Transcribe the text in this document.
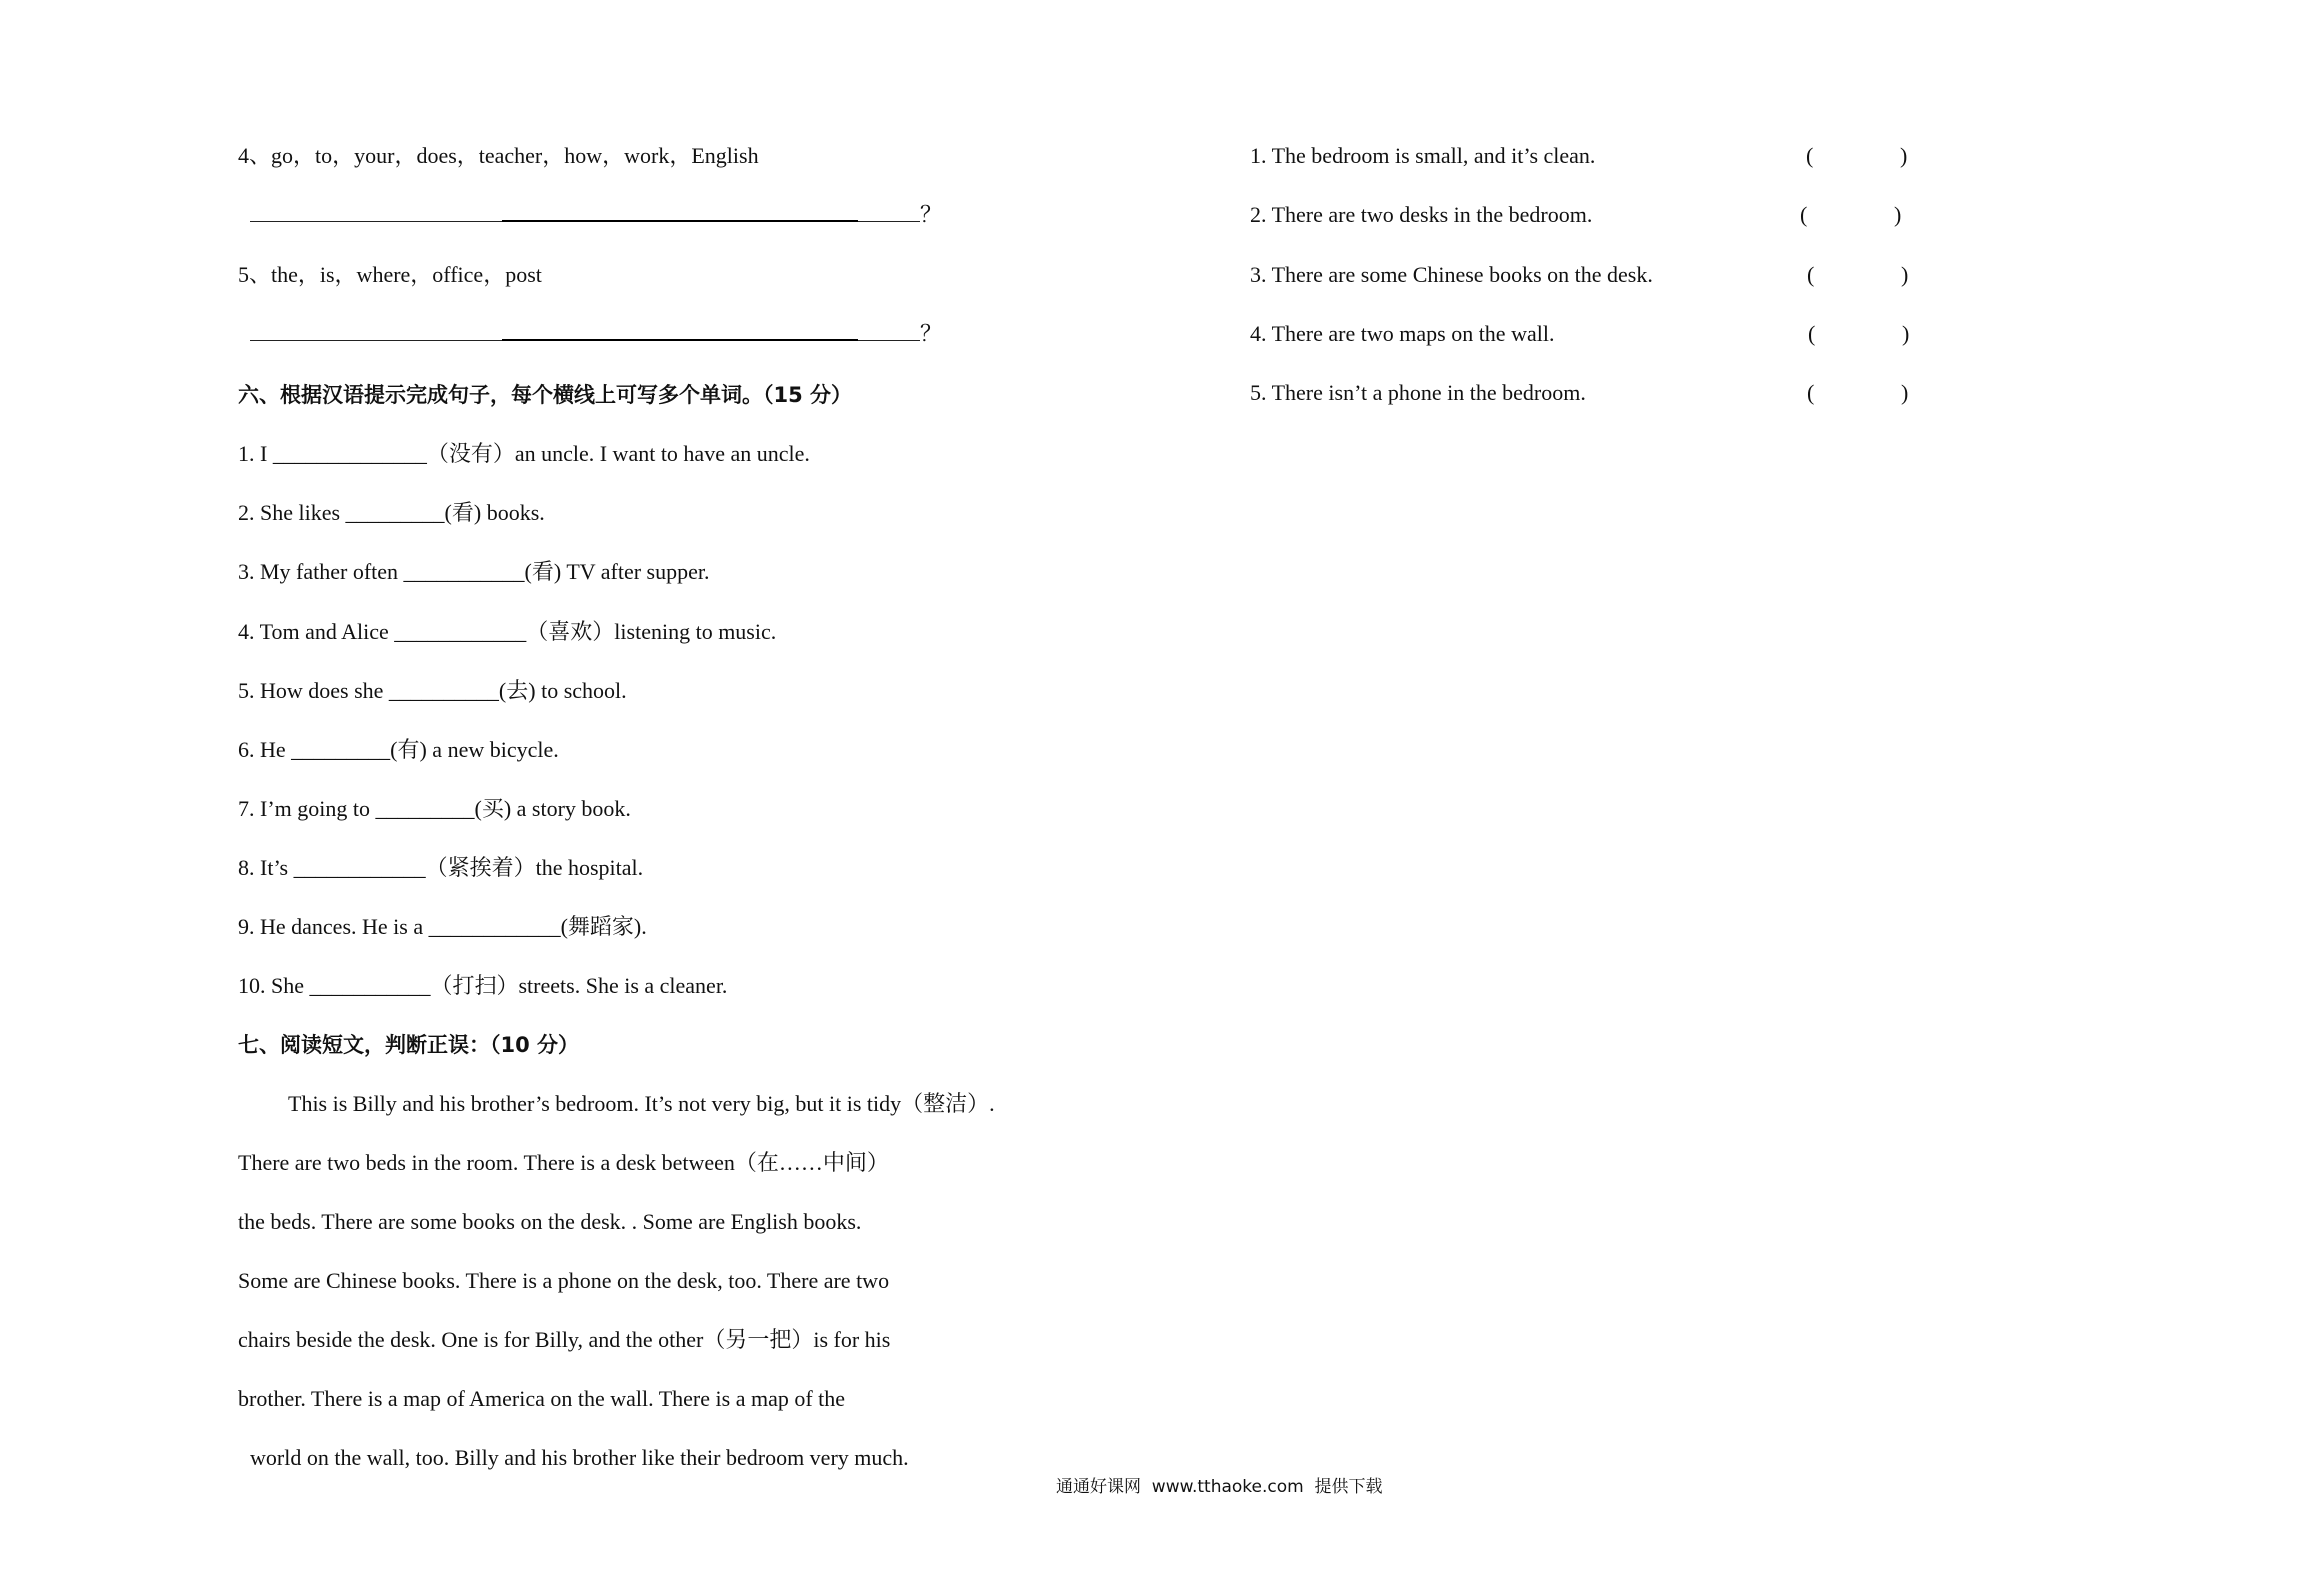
4、go，to，your，does，teacher，how，work，English
？
5、the，is，where，office，post
？
六、根据汉语提示完成句子，每个横线上可写多个单词。（15 分）
1. I ______________（没有）an uncle. I want to have an uncle.
2. She likes _________(看) books.
3. My father often ___________(看) TV after supper.
4. Tom and Alice ____________（喜欢）listening to music.
5. How does she __________(去) to school.
6. He _________(有) a new bicycle.
7. I’m going to _________(买) a story book.
8. It’s ____________（紧挨着）the hospital.
9. He dances. He is a ____________(舞蹈家).
10. She ___________（打扫）streets. She is a cleaner.
七、阅读短文，判断正误：（10 分）
This is Billy and his brother’s bedroom. It’s not very big, but it is tidy（整洁）.
There are two beds in the room. There is a desk between（在……中间）
the beds. There are some books on the desk. . Some are English books.
Some are Chinese books. There is a phone on the desk, too. There are two
chairs beside the desk. One is for Billy, and the other（另一把）is for his
brother. There is a map of America on the wall. There is a map of the
world on the wall, too. Billy and his brother like their bedroom very much.
1. The bedroom is small, and it’s clean.	(	)
2. There are two desks in the bedroom.	(	)
3. There are some Chinese books on the desk.	(	)
4. There are two maps on the wall.	(	)
5. There isn’t a phone in the bedroom.	(	)
通通好课网  www.tthaoke.com  提供下载
